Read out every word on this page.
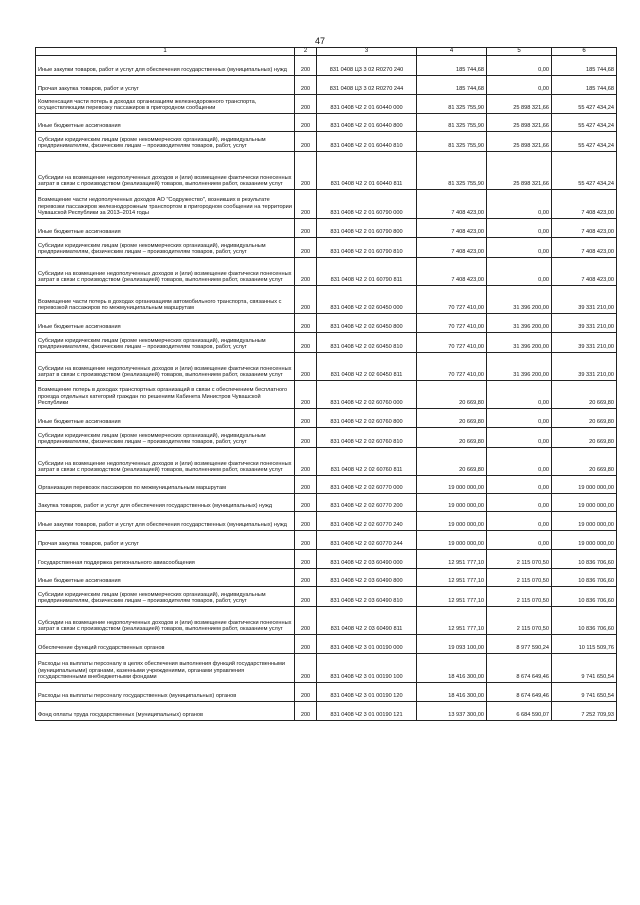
47
1	2	3	4	5	6
Иные закупки товаров, работ и услуг для обеспечения государственных (муниципальных) нужд	200	831 0408 Ц3 3 02 R0270 240	185 744,68	0,00	185 744,68
Прочая закупка товаров, работ и услуг	200	831 0408 Ц3 3 02 R0270 244	185 744,68	0,00	185 744,68
Компенсация части потерь в доходах организациям железнодорожного транспорта, осуществляющим перевозку пассажиров в пригородном сообщении	200	831 0408 Ч2 2 01 60440 000	81 325 755,90	25 898 321,66	55 427 434,24
Иные бюджетные ассигнования	200	831 0408 Ч2 2 01 60440 800	81 325 755,90	25 898 321,66	55 427 434,24
Субсидии юридическим лицам (кроме некоммерческих организаций), индивидуальным предпринимателям, физическим лицам – производителям товаров, работ, услуг	200	831 0408 Ч2 2 01 60440 810	81 325 755,90	25 898 321,66	55 427 434,24
Субсидии на возмещение недополученных доходов и (или) возмещение фактически понесенных затрат в связи с производством (реализацией) товаров, выполнением работ, оказанием услуг	200	831 0408 Ч2 2 01 60440 811	81 325 755,90	25 898 321,66	55 427 434,24
Возмещение части недополученных доходов АО "Содружество", возникших в результате перевозки пассажиров железнодорожным транспортом в пригородном сообщении на территории Чувашской Республики за 2013–2014 годы	200	831 0408 Ч2 2 01 60790 000	7 408 423,00	0,00	7 408 423,00
Иные бюджетные ассигнования	200	831 0408 Ч2 2 01 60790 800	7 408 423,00	0,00	7 408 423,00
Субсидии юридическим лицам (кроме некоммерческих организаций), индивидуальным предпринимателям, физическим лицам – производителям товаров, работ, услуг	200	831 0408 Ч2 2 01 60790 810	7 408 423,00	0,00	7 408 423,00
Субсидии на возмещение недополученных доходов и (или) возмещение фактически понесенных затрат в связи с производством (реализацией) товаров, выполнением работ, оказанием услуг	200	831 0408 Ч2 2 01 60790 811	7 408 423,00	0,00	7 408 423,00
Возмещение части потерь в доходах организациям автомобильного транспорта, связанных с перевозкой пассажиров по межмуниципальным маршрутам	200	831 0408 Ч2 2 02 60450 000	70 727 410,00	31 396 200,00	39 331 210,00
Иные бюджетные ассигнования	200	831 0408 Ч2 2 02 60450 800	70 727 410,00	31 396 200,00	39 331 210,00
Субсидии юридическим лицам (кроме некоммерческих организаций), индивидуальным предпринимателям, физическим лицам – производителям товаров, работ, услуг	200	831 0408 Ч2 2 02 60450 810	70 727 410,00	31 396 200,00	39 331 210,00
Субсидии на возмещение недополученных доходов и (или) возмещение фактически понесенных затрат в связи с производством (реализацией) товаров, выполнением работ, оказанием услуг	200	831 0408 Ч2 2 02 60450 811	70 727 410,00	31 396 200,00	39 331 210,00
Возмещение потерь в доходах транспортных организаций в связи с обеспечением бесплатного проезда отдельных категорий граждан по решениям Кабинета Министров Чувашской Республики	200	831 0408 Ч2 2 02 60760 000	20 669,80	0,00	20 669,80
Иные бюджетные ассигнования	200	831 0408 Ч2 2 02 60760 800	20 669,80	0,00	20 669,80
Субсидии юридическим лицам (кроме некоммерческих организаций), индивидуальным предпринимателям, физическим лицам – производителям товаров, работ, услуг	200	831 0408 Ч2 2 02 60760 810	20 669,80	0,00	20 669,80
Субсидии на возмещение недополученных доходов и (или) возмещение фактически понесенных затрат в связи с производством (реализацией) товаров, выполнением работ, оказанием услуг	200	831 0408 Ч2 2 02 60760 811	20 669,80	0,00	20 669,80
Организация перевозок пассажиров по межмуниципальным маршрутам	200	831 0408 Ч2 2 02 60770 000	19 000 000,00	0,00	19 000 000,00
Закупка товаров, работ и услуг для обеспечения государственных (муниципальных) нужд	200	831 0408 Ч2 2 02 60770 200	19 000 000,00	0,00	19 000 000,00
Иные закупки товаров, работ и услуг для обеспечения государственных (муниципальных) нужд	200	831 0408 Ч2 2 02 60770 240	19 000 000,00	0,00	19 000 000,00
Прочая закупка товаров, работ и услуг	200	831 0408 Ч2 2 02 60770 244	19 000 000,00	0,00	19 000 000,00
Государственная поддержка регионального авиасообщения	200	831 0408 Ч2 2 03 60490 000	12 951 777,10	2 115 070,50	10 836 706,60
Иные бюджетные ассигнования	200	831 0408 Ч2 2 03 60490 800	12 951 777,10	2 115 070,50	10 836 706,60
Субсидии юридическим лицам (кроме некоммерческих организаций), индивидуальным предпринимателям, физическим лицам – производителям товаров, работ, услуг	200	831 0408 Ч2 2 03 60490 810	12 951 777,10	2 115 070,50	10 836 706,60
Субсидии на возмещение недополученных доходов и (или) возмещение фактически понесенных затрат в связи с производством (реализацией) товаров, выполнением работ, оказанием услуг	200	831 0408 Ч2 2 03 60490 811	12 951 777,10	2 115 070,50	10 836 706,60
Обеспечение функций государственных органов	200	831 0408 Ч2 3 01 00190 000	19 093 100,00	8 977 590,24	10 115 509,76
Расходы на выплаты персоналу в целях обеспечения выполнения функций государственными (муниципальными) органами, казенными учреждениями, органами управления государственными внебюджетными фондами	200	831 0408 Ч2 3 01 00190 100	18 416 300,00	8 674 649,46	9 741 650,54
Расходы на выплаты персоналу государственных (муниципальных) органов	200	831 0408 Ч2 3 01 00190 120	18 416 300,00	8 674 649,46	9 741 650,54
Фонд оплаты труда государственных (муниципальных) органов	200	831 0408 Ч2 3 01 00190 121	13 937 300,00	6 684 590,07	7 252 709,93
